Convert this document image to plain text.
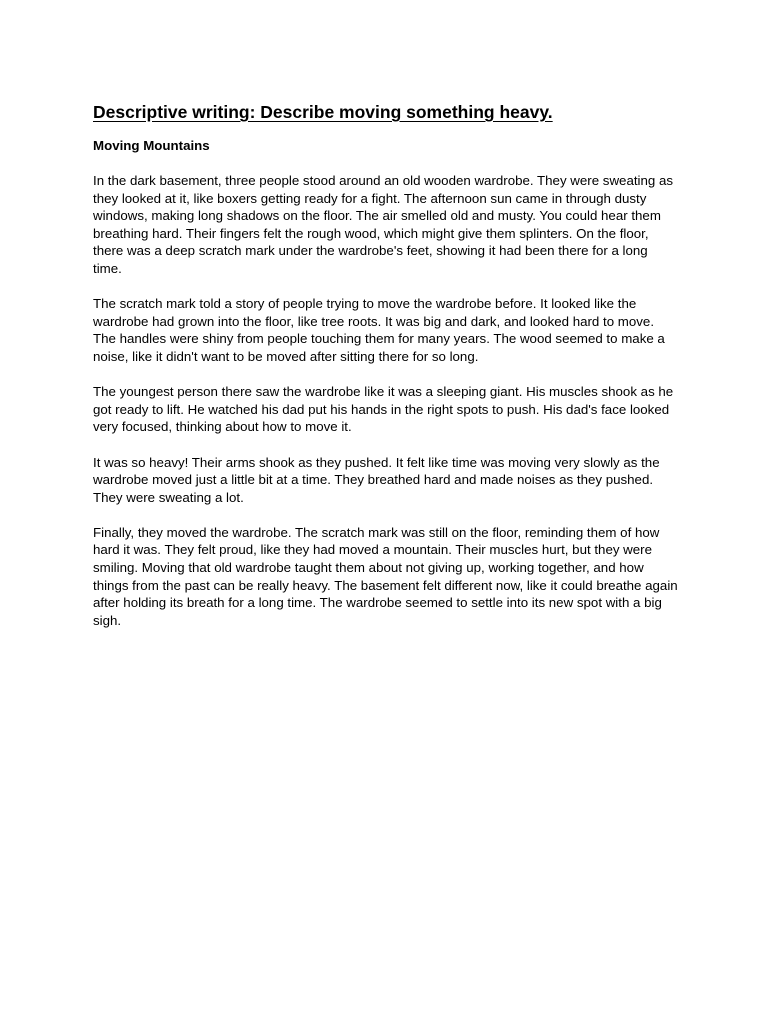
Descriptive writing: Describe moving something heavy.

Moving Mountains

In the dark basement, three people stood around an old wooden wardrobe. They were sweating as they looked at it, like boxers getting ready for a fight. The afternoon sun came in through dusty windows, making long shadows on the floor. The air smelled old and musty. You could hear them breathing hard. Their fingers felt the rough wood, which might give them splinters. On the floor, there was a deep scratch mark under the wardrobe's feet, showing it had been there for a long time.

The scratch mark told a story of people trying to move the wardrobe before. It looked like the wardrobe had grown into the floor, like tree roots. It was big and dark, and looked hard to move. The handles were shiny from people touching them for many years. The wood seemed to make a noise, like it didn't want to be moved after sitting there for so long.

The youngest person there saw the wardrobe like it was a sleeping giant. His muscles shook as he got ready to lift. He watched his dad put his hands in the right spots to push. His dad's face looked very focused, thinking about how to move it.

It was so heavy! Their arms shook as they pushed. It felt like time was moving very slowly as the wardrobe moved just a little bit at a time. They breathed hard and made noises as they pushed. They were sweating a lot.

Finally, they moved the wardrobe. The scratch mark was still on the floor, reminding them of how hard it was. They felt proud, like they had moved a mountain. Their muscles hurt, but they were smiling. Moving that old wardrobe taught them about not giving up, working together, and how things from the past can be really heavy. The basement felt different now, like it could breathe again after holding its breath for a long time. The wardrobe seemed to settle into its new spot with a big sigh.
